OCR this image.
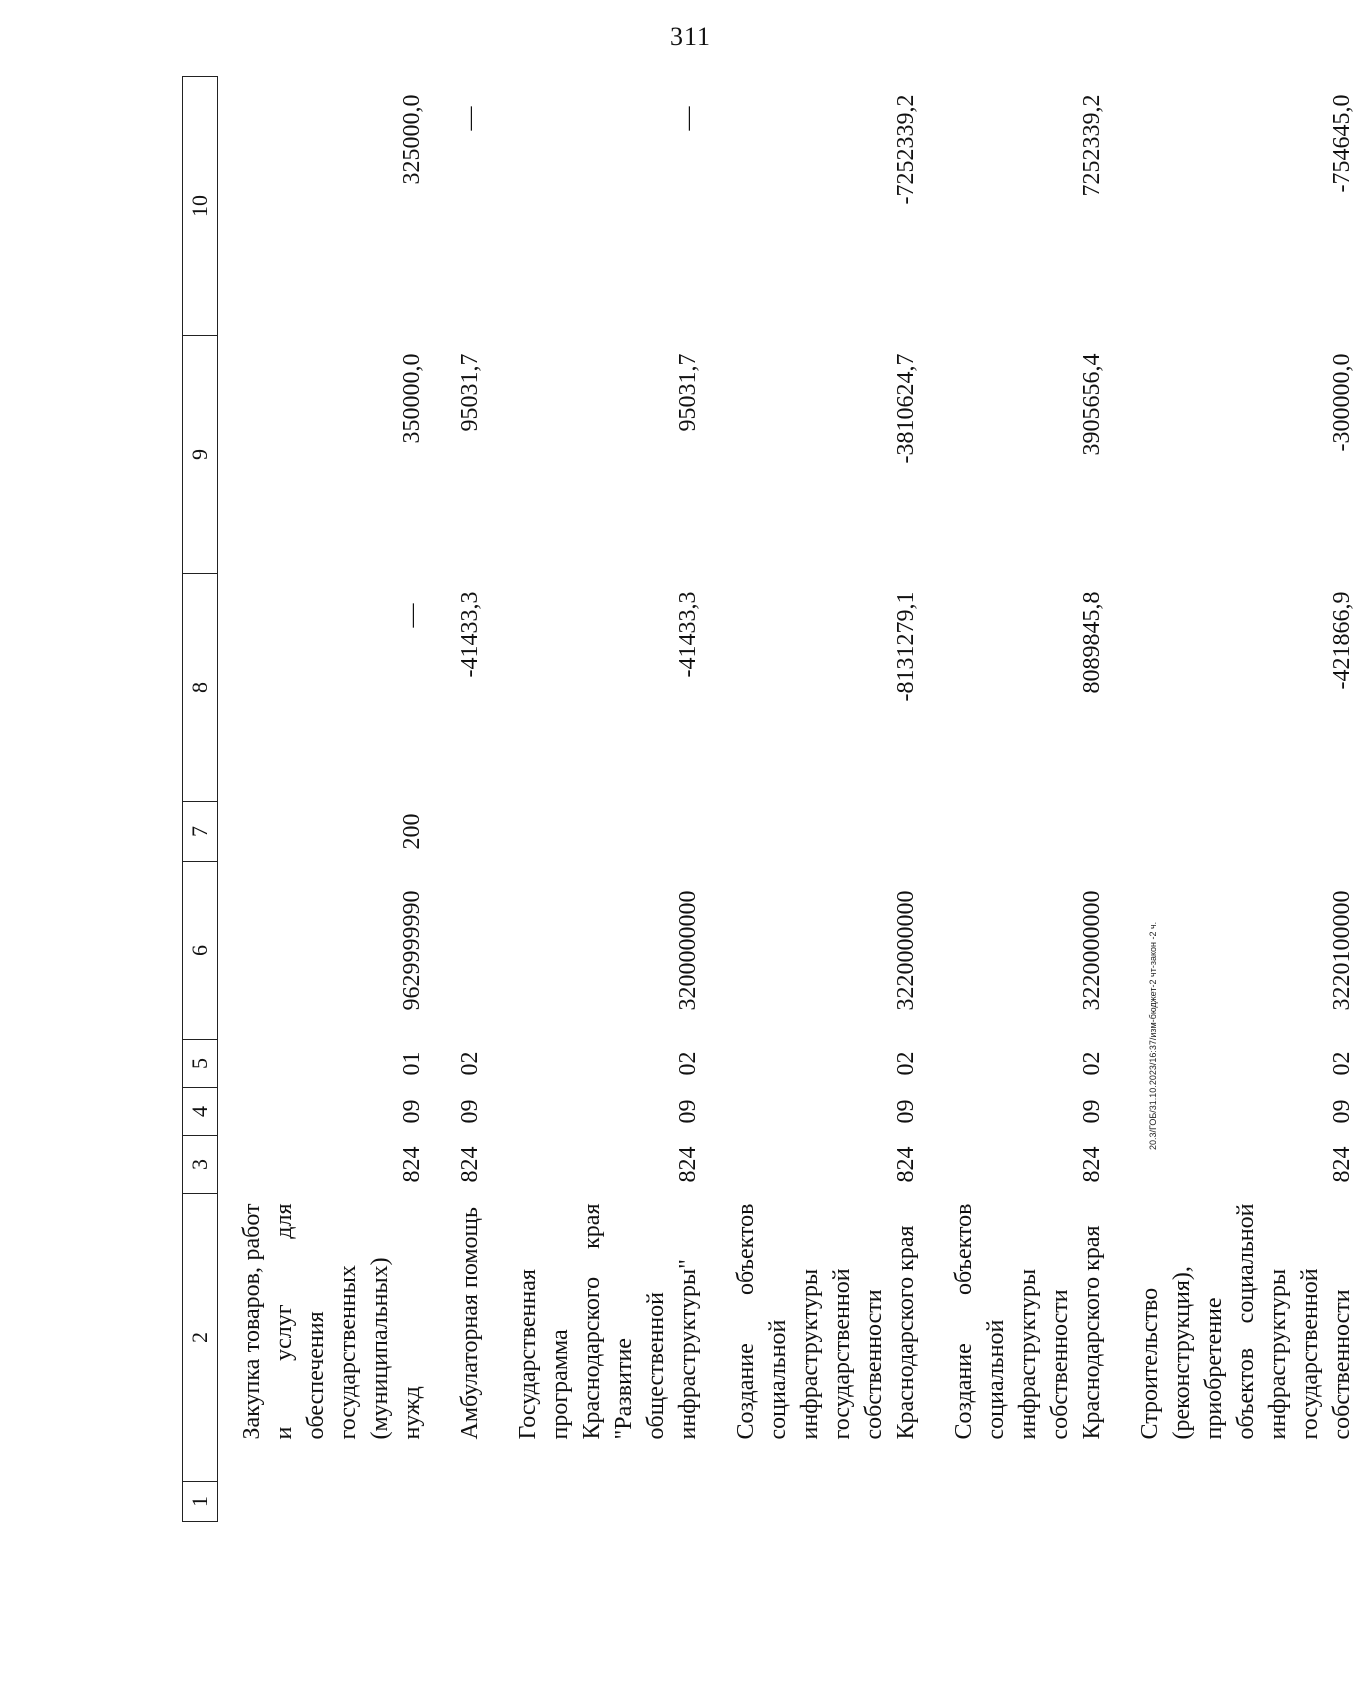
311
20.3/ГОБ/31.10.2023/16:37/изм-бюджет-2 чт-закон -2 ч.
1	2	3	4	5	6	7	8	9	10
	Закупка товаров, работ и услуг для обеспечения государственных (муниципальных) нужд	824	09	01	9629999990	200	—	350000,0	325000,0
	Амбулаторная помощь	824	09	02			-41433,3	95031,7	—
	Государственная программа Краснодарского края "Развитие общественной инфраструктуры"	824	09	02	3200000000		-41433,3	95031,7	—
	Создание объектов социальной инфраструктуры государственной собственности Краснодарского края	824	09	02	3220000000		-8131279,1	-3810624,7	-7252339,2
	Создание объектов социальной инфраструктуры собственности Краснодарского края	824	09	02	3220000000		8089845,8	3905656,4	7252339,2
	Строительство (реконструкция), приобретение объектов социальной инфраструктуры государственной собственности	824	09	02	3220100000		-421866,9	-300000,0	-754645,0
